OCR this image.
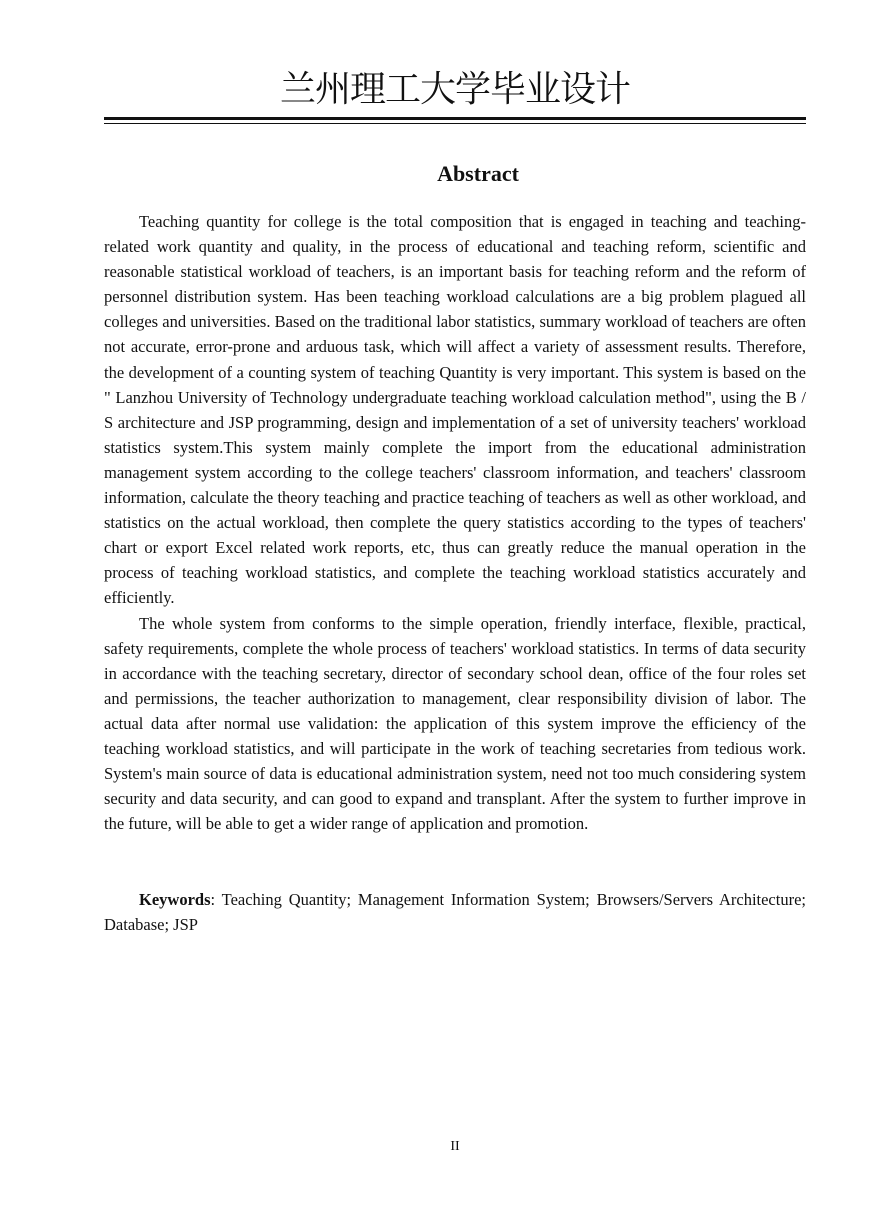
兰州理工大学毕业设计
Abstract

Teaching quantity for college is the total composition that is engaged in teaching and teaching-related work quantity and quality, in the process of educational and teaching reform, scientific and reasonable statistical workload of teachers, is an important basis for teaching reform and the reform of personnel distribution system. Has been teaching workload calculations are a big problem plagued all colleges and universities. Based on the traditional labor statistics, summary workload of teachers are often not accurate, error-prone and arduous task, which will affect a variety of assessment results. Therefore, the development of a counting system of teaching Quantity is very important. This system is based on the " Lanzhou University of Technology undergraduate teaching workload calculation method", using the B / S architecture and JSP programming, design and implementation of a set of university teachers' workload statistics system.This system mainly complete the import from the educational administration management system according to the college teachers' classroom information, and teachers' classroom information, calculate the theory teaching and practice teaching of teachers as well as other workload, and statistics on the actual workload, then complete the query statistics according to the types of teachers' chart or export Excel related work reports, etc, thus can greatly reduce the manual operation in the process of teaching workload statistics, and complete the teaching workload statistics accurately and efficiently.

The whole system from conforms to the simple operation, friendly interface, flexible, practical, safety requirements, complete the whole process of teachers' workload statistics. In terms of data security in accordance with the teaching secretary, director of secondary school dean, office of the four roles set and permissions, the teacher authorization to management, clear responsibility division of labor. The actual data after normal use validation: the application of this system improve the efficiency of the teaching workload statistics, and will participate in the work of teaching secretaries from tedious work. System's main source of data is educational administration system, need not too much considering system security and data security, and can good to expand and transplant. After the system to further improve in the future, will be able to get a wider range of application and promotion.

Keywords: Teaching Quantity; Management Information System; Browsers/Servers Architecture; Database; JSP
II
